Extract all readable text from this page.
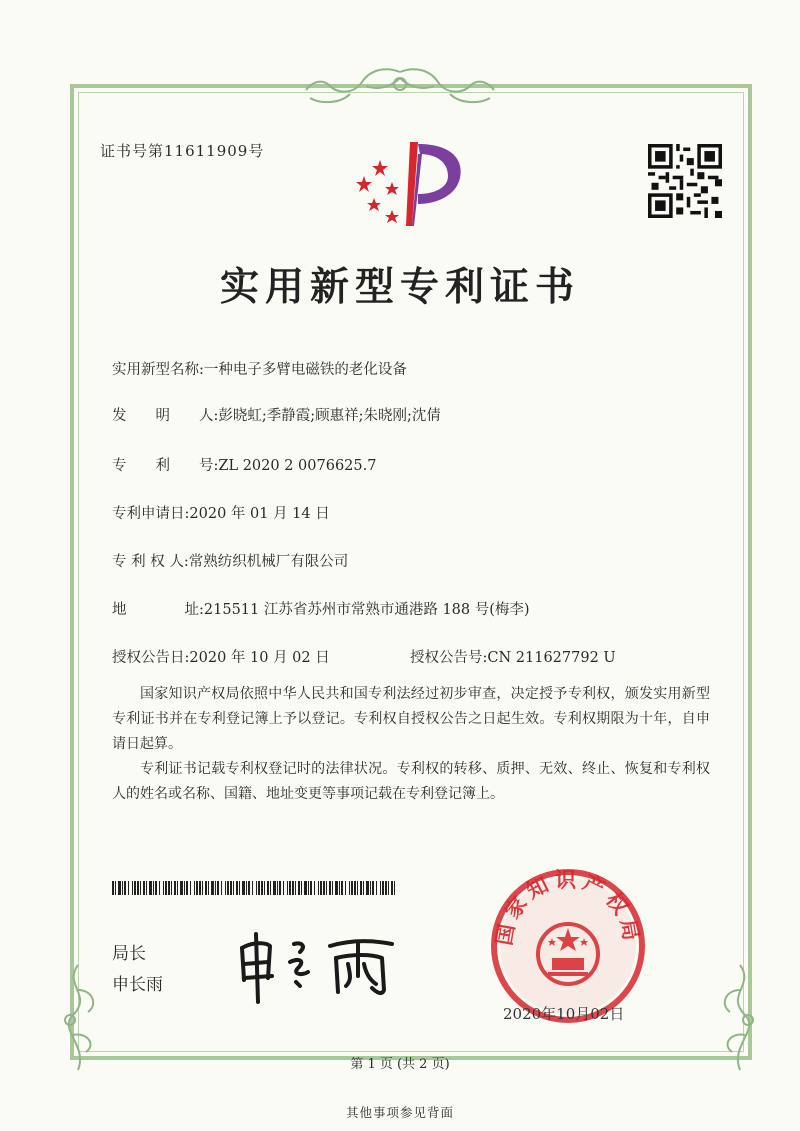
证书号第11611909号
实用新型专利证书
实用新型名称:一种电子多臂电磁铁的老化设备
发　　明　　人:彭晓虹;季静霞;顾惠祥;朱晓刚;沈倩
专　　利　　号:ZL 2020 2 0076625.7
专利申请日:2020 年 01 月 14 日
专 利 权 人:常熟纺织机械厂有限公司
地　　　　址:215511 江苏省苏州市常熟市通港路 188 号(梅李)
授权公告日:2020 年 10 月 02 日	授权公告号:CN 211627792 U
国家知识产权局依照中华人民共和国专利法经过初步审查，决定授予专利权，颁发实用新型专利证书并在专利登记簿上予以登记。专利权自授权公告之日起生效。专利权期限为十年，自申请日起算。
专利证书记载专利权登记时的法律状况。专利权的转移、质押、无效、终止、恢复和专利权人的姓名或名称、国籍、地址变更等事项记载在专利登记簿上。
局长
申长雨
国家知识产权局
2020年10月02日
第 1 页 (共 2 页)
其他事项参见背面
